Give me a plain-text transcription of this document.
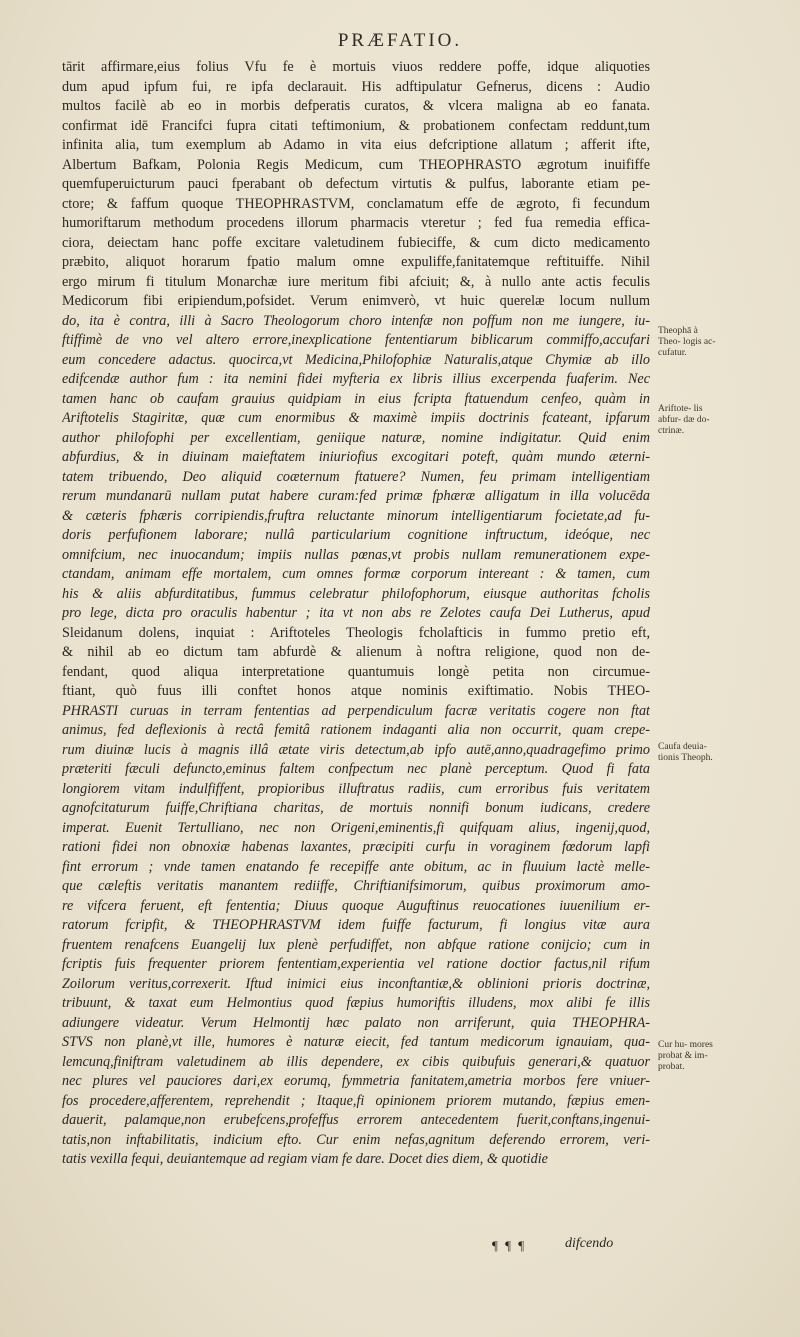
PRÆFATIO.
tārit affirmare,eius folius Vfu fe è mortuis viuos reddere poffe, idque aliquoties
dum apud ipfum fui, re ipfa declarauit. His adftipulatur Gefnerus, dicens : Audio
multos facilè ab eo in morbis defperatis curatos, & vlcera maligna ab eo fanata.
confirmat idē Francifci fupra citati teftimonium, & probationem confectam reddunt,tum
infinita alia, tum exemplum ab Adamo in vita eius defcriptione allatum ; afferit ifte,
Albertum Bafkam, Polonia Regis Medicum, cum THEOPHRASTO ægrotum inuififfe
quemfuperuicturum pauci fperabant ob defectum virtutis & pulfus, laborante etiam pe-
ctore; & faffum quoque THEOPHRASTVM, conclamatum effe de ægroto, fi fecundum
humoriftarum methodum procedens illorum pharmacis vteretur ; fed fua remedia effica-
ciora, deiectam hanc poffe excitare valetudinem fubieciffe, & cum dicto medicamento
præbito, aliquot horarum fpatio malum omne expuliffe,fanitatemque reftituiffe. Nihil
ergo mirum fi titulum Monarchæ iure meritum fibi afciuit; &, à nullo ante actis feculis
Medicorum fibi eripiendum,pofsidet. Verum enimverò, vt huic querelæ locum nullum
do, ita è contra, illi à Sacro Theologorum choro intenfæ non poffum non me iungere, iu-
ftiffimè de vno vel altero errore,inexplicatione fententiarum biblicarum commiffo,accufari
eum concedere adactus. quocirca,vt Medicina,Philofophiæ Naturalis,atque Chymiæ ab illo
edifcendæ author fum : ita nemini fidei myfteria ex libris illius excerpenda fuaferim. Nec
tamen hanc ob caufam grauius quidpiam in eius fcripta ftatuendum cenfeo, quàm in
Ariftotelis Stagiritæ, quæ cum enormibus & maximè impiis doctrinis fcateant, ipfarum
author philofophi per excellentiam, geniique naturæ, nomine indigitatur. Quid enim
abfurdius, & in diuinam maieftatem iniuriofius excogitari poteft, quàm mundo æterni-
tatem tribuendo, Deo aliquid coæternum ftatuere? Numen, feu primam intelligentiam
rerum mundanarū nullam putat habere curam:fed primæ fphæræ alligatum in illa volucēda
& cæteris fphæris corripiendis,fruftra reluctante minorum intelligentiarum focietate,ad fu-
doris perfufionem laborare; nullâ particularium cognitione inftructum, ideóque, nec
omnifcium, nec inuocandum; impiis nullas pœnas,vt probis nullam remunerationem expe-
ctandam, animam effe mortalem, cum omnes formæ corporum intereant : & tamen, cum
his & aliis abfurditatibus, fummus celebratur philofophorum, eiusque authoritas fcholis
pro lege, dicta pro oraculis habentur ; ita vt non abs re Zelotes caufa Dei Lutherus, apud
Sleidanum dolens, inquiat : Ariftoteles Theologis fcholafticis in fummo pretio eft,
& nihil ab eo dictum tam abfurdè & alienum à noftra religione, quod non de-
fendant, quod aliqua interpretatione quantumuis longè petita non circumue-
ftiant, quò fuus illi conftet honos atque nominis exiftimatio. Nobis THEO-
PHRASTI curuas in terram fententias ad perpendiculum facræ veritatis cogere non ftat
animus, fed deflexionis à rectâ femitâ rationem indaganti alia non occurrit, quam crepe-
rum diuinæ lucis à magnis illâ ætate viris detectum,ab ipfo autē,anno,quadragefimo primo
præteriti fæculi defuncto,eminus faltem confpectum nec planè perceptum. Quod fi fata
longiorem vitam indulfiffent, propioribus illuftratus radiis, cum erroribus fuis veritatem
agnofcitaturum fuiffe,Chriftiana charitas, de mortuis nonnifi bonum iudicans, credere
imperat. Euenit Tertulliano, nec non Origeni,eminentis,fi quifquam alius, ingenij,quod,
rationi fidei non obnoxiæ habenas laxantes, præcipiti curfu in voraginem fœdorum lapfi
fint errorum ; vnde tamen enatando fe recepiffe ante obitum, ac in fluuium lactè melle-
que cæleftis veritatis manantem rediiffe, Chriftianifsimorum, quibus proximorum amo-
re vifcera feruent, eft fententia; Diuus quoque Auguftinus reuocationes iuuenilium er-
ratorum fcripfit, & THEOPHRASTVM idem fuiffe facturum, fi longius vitæ aura
fruentem renafcens Euangelij lux plenè perfudiffet, non abfque ratione conijcio; cum in
fcriptis fuis frequenter priorem fententiam,experientia vel ratione doctior factus,nil rifum
Zoilorum veritus,correxerit. Iftud inimici eius inconftantiæ,& oblinioni prioris doctrinæ,
tribuunt, & taxat eum Helmontius quod fæpius humoriftis illudens, mox alibi fe illis
adiungere videatur. Verum Helmontij hæc palato non arriferunt, quia THEOPHRA-
STVS non planè,vt ille, humores è naturæ eiecit, fed tantum medicorum ignauiam, qua-
lemcunq,finiftram valetudinem ab illis dependere, ex cibis quibufuis generari,& quatuor
nec plures vel pauciores dari,ex eorumq, fymmetria fanitatem,ametria morbos fere vniuer-
fos procedere,afferentem, reprehendit ; Itaque,fi opinionem priorem mutando, fæpius emen-
dauerit, palamque,non erubefcens,profeffus errorem antecedentem fuerit,conftans,ingenui-
tatis,non inftabilitatis, indicium efto. Cur enim nefas,agnitum deferendo errorem, veri-
tatis vexilla fequi, deuiantemque ad regiam viam fe dare. Docet dies diem, & quotidie
Theophā à Theo- logis ac- cufatur.
Ariftote- lis abfur- dæ do- ctrinæ.
Caufa deuia- tionis Theoph.
Cur hu- mores probat & im- probat.
¶ ¶ ¶	difcendo
